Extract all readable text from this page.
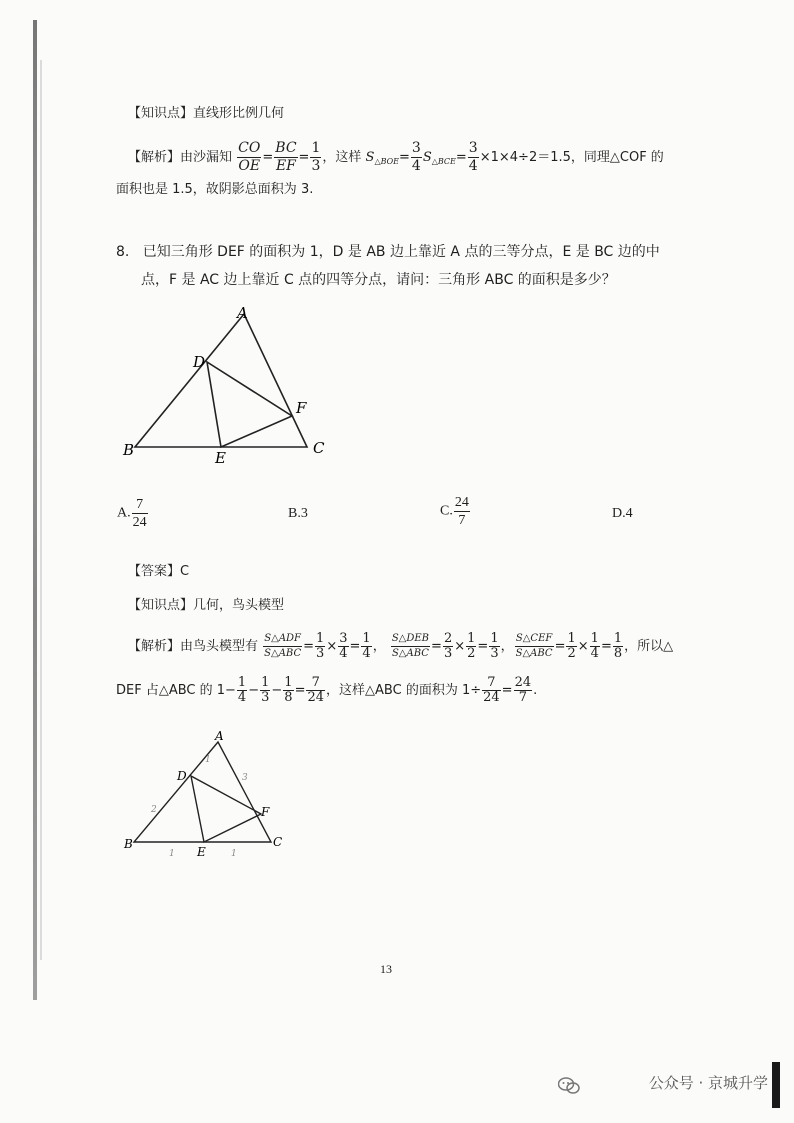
【知识点】直线形比例几何
【解析】由沙漏知 $\frac{CO}{OE} = \frac{BC}{EF} = \frac{1}{3}$ ，这样 $S_{\triangle BOE}= \frac{3}{4} S_{\triangle BCE}= \frac{3}{4} \times 1\times 4\div 2=1.5$，同理△COF 的
面积也是 1.5，故阴影总面积为 3.
8. 已知三角形 DEF 的面积为 1，D 是 AB 边上靠近 A 点的三等分点，E 是 BC 边的中
点，F 是 AC 边上靠近 C 点的四等分点，请问：三角形 ABC 的面积是多少？
A
B	C
D
E
F
A. $\frac{7}{24}$	B.3	C. $\frac{24}{7}$	D.4
【答案】C
【知识点】几何，鸟头模型
【解析】由鸟头模型有 $\frac{\text{S△ADF}}{\text{S△ABC}} = \frac{1}{3} \times \frac{3}{4} = \frac{1}{4}$ ， $\frac{\text{S△DEB}}{\text{S△ABC}} = \frac{2}{3} \times \frac{1}{2} = \frac{1}{3}$ ， $\frac{\text{S△CEF}}{\text{S△ABC}} = \frac{1}{2} \times \frac{1}{4} = \frac{1}{8}$ ，所以△
DEF 占△ABC 的 $1- \frac{1}{4} - \frac{1}{3} - \frac{1}{8} = \frac{7}{24}$ ，这样△ABC 的面积为 $1\div \frac{7}{24} = \frac{24}{7}$ .
A
B	C
D
E
F
1
2
3
1	1
13
公众号 · 京城升学
